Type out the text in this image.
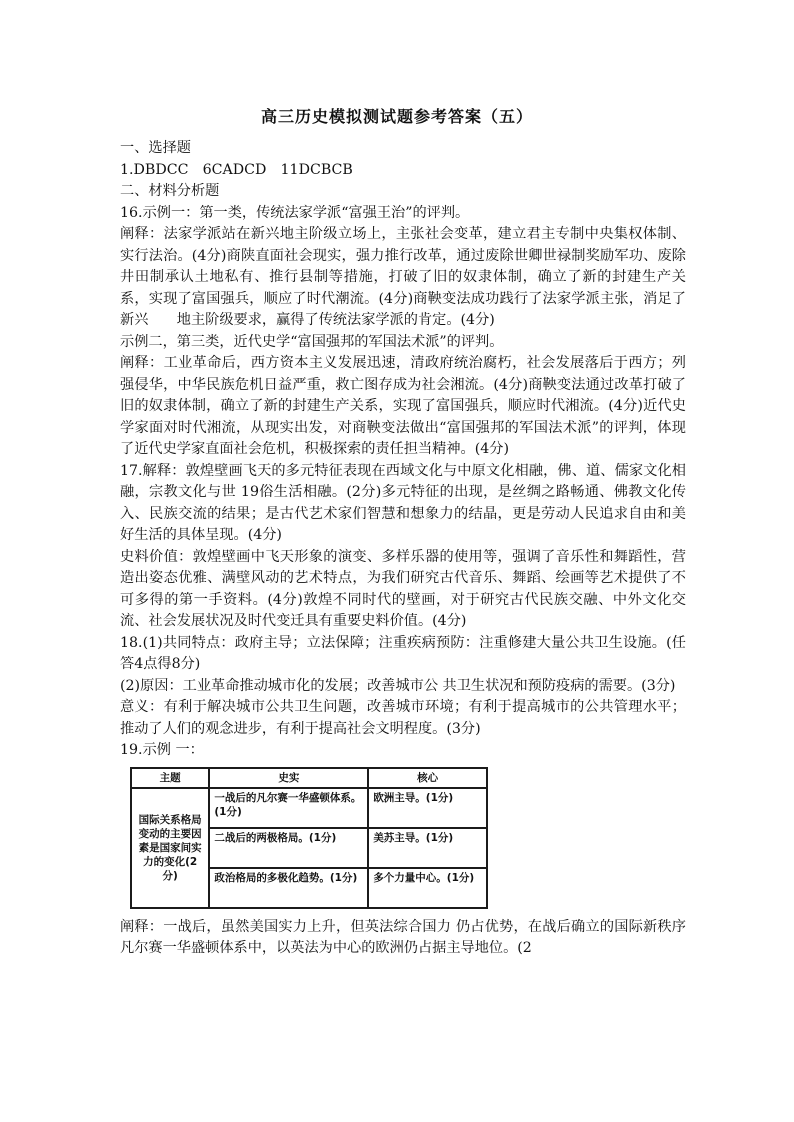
高三历史模拟测试题参考答案（五）

一、选择题

1.DBDCC　6CADCD　11DCBCB

二、材料分析题

16.示例一：第一类，传统法家学派“富强王治”的评判。

阐释：法家学派站在新兴地主阶级立场上，主张社会变革，建立君主专制中央集权体制、实行法治。(4分)商陕直面社会现实，强力推行改革，通过废除世卿世禄制奖励军功、废除井田制承认土地私有、推行县制等措施，打破了旧的奴隶体制，确立了新的封建生产关系，实现了富国强兵，顺应了时代潮流。(4分)商鞅变法成功践行了法家学派主张，消足了新兴　　地主阶级要求，赢得了传统法家学派的肯定。(4分)

示例二，第三类，近代史学“富国强邦的军国法术派”的评判。

阐释：工业革命后，西方资本主义发展迅速，清政府统治腐朽，社会发展落后于西方；列强侵华，中华民族危机日益严重，救亡图存成为社会湘流。(4分)商鞅变法通过改革打破了旧的奴隶体制，确立了新的封建生产关系，实现了富国强兵，顺应时代湘流。(4分)近代史学家面对时代湘流，从现实出发，对商鞅变法做出“富国强邦的军国法术派”的评判，体现了近代史学家直面社会危机，积极探索的责任担当精神。(4分)

17.解释：敦煌壁画飞天的多元特征表现在西域文化与中原文化相融，佛、道、儒家文化相融，宗教文化与世 19俗生活相融。(2分)多元特征的出现，是丝绸之路畅通、佛教文化传入、民族交流的结果；是古代艺术家们智慧和想象力的结晶，更是劳动人民追求自由和美好生活的具体呈现。(4分)

史料价值：敦煌壁画中飞天形象的演变、多样乐器的使用等，强调了音乐性和舞蹈性，营造出姿态优雅、满壁风动的艺术特点，为我们研究古代音乐、舞蹈、绘画等艺术提供了不可多得的第一手资料。(4分)敦煌不同时代的壁画，对于研究古代民族交融、中外文化交流、社会发展状况及时代变迁具有重要史料价值。(4分)

18.(1)共同特点：政府主导；立法保障；注重疾病预防：注重修建大量公共卫生设施。(任答4点得8分)

(2)原因：工业革命推动城市化的发展；改善城市公 共卫生状况和预防疫病的需要。(3分)

意义：有利于解决城市公共卫生问题，改善城市环境；有利于提高城市的公共管理水平；推动了人们的观念进步，有利于提高社会文明程度。(3分)

19.示例 一：

主题	史实	核心
国际关系格局变动的主要因素是国家间实力的变化(2分)	一战后的凡尔赛一华盛顿体系。(1分)	欧洲主导。(1分)
	二战后的两极格局。(1分)	美苏主导。(1分)
	政治格局的多极化趋势。(1分)	多个力量中心。(1分)

阐释：一战后，虽然美国实力上升，但英法综合国力 仍占优势，在战后确立的国际新秩序凡尔赛一华盛顿体系中，以英法为中心的欧洲仍占据主导地位。(2
